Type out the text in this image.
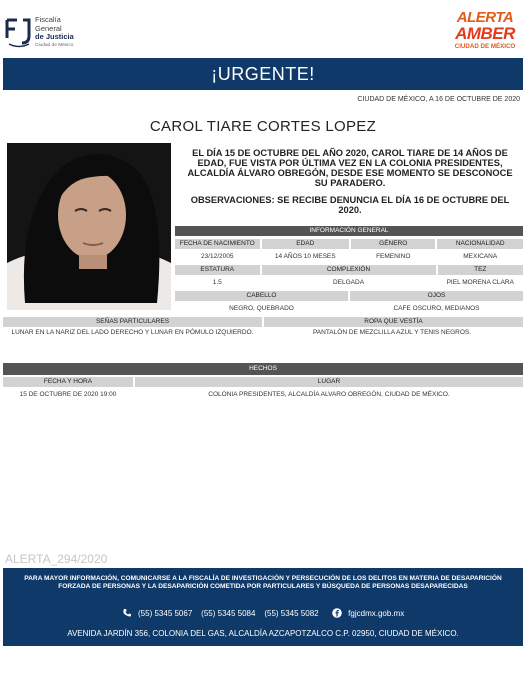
Fiscalía
General
de Justicia
Ciudad de México
ALERTA
AMBER
CIUDAD DE MÉXICO
¡URGENTE!
CIUDAD DE MÉXICO, A 16 DE OCTUBRE DE 2020
CAROL TIARE CORTES LOPEZ
EL DÍA 15 DE OCTUBRE DEL AÑO 2020, CAROL TIARE DE 14 AÑOS DE EDAD, FUE VISTA POR ÚLTIMA VEZ EN LA COLONIA PRESIDENTES, ALCALDÍA ÁLVARO OBREGÓN, DESDE ESE MOMENTO SE DESCONOCE SU PARADERO.
OBSERVACIONES: SE RECIBE DENUNCIA EL DÍA 16 DE OCTUBRE DEL 2020.
INFORMACIÓN GENERAL
FECHA DE NACIMIENTO	EDAD	GÉNERO	NACIONALIDAD
23/12/2005	14 AÑOS 10 MESES	FEMENINO	MEXICANA
ESTATURA	COMPLEXIÓN	TEZ
1.5	DELGADA	PIEL MORENA CLARA
CABELLO	OJOS
NEGRO, QUEBRADO	CAFE OSCURO, MEDIANOS
SEÑAS PARTICULARES	ROPA QUE VESTÍA
LUNAR EN LA NARIZ DEL LADO DERECHO Y LUNAR EN PÓMULO IZQUIERDO.	PANTALÓN DE MEZCLILLA AZUL Y TENIS NEGROS.
HECHOS
FECHA Y HORA	LUGAR
15 DE OCTUBRE DE 2020 19:00	COLONIA PRESIDENTES, ALCALDÍA ALVARO OBREGÓN, CIUDAD DE MÉXICO.
ALERTA_294/2020
PARA MAYOR INFORMACIÓN, COMUNICARSE A LA FISCALÍA DE INVESTIGACIÓN Y PERSECUCIÓN DE LOS DELITOS EN MATERIA DE DESAPARICIÓN FORZADA DE PERSONAS Y LA DESAPARICIÓN COMETIDA POR PARTICULARES Y BÚSQUEDA DE PERSONAS DESAPARECIDAS
(55) 5345 5067 (55) 5345 5084 (55) 5345 5082	fgjcdmx.gob.mx
AVENIDA JARDÍN 356, COLONIA DEL GAS, ALCALDÍA AZCAPOTZALCO C.P. 02950, CIUDAD DE MÉXICO.
